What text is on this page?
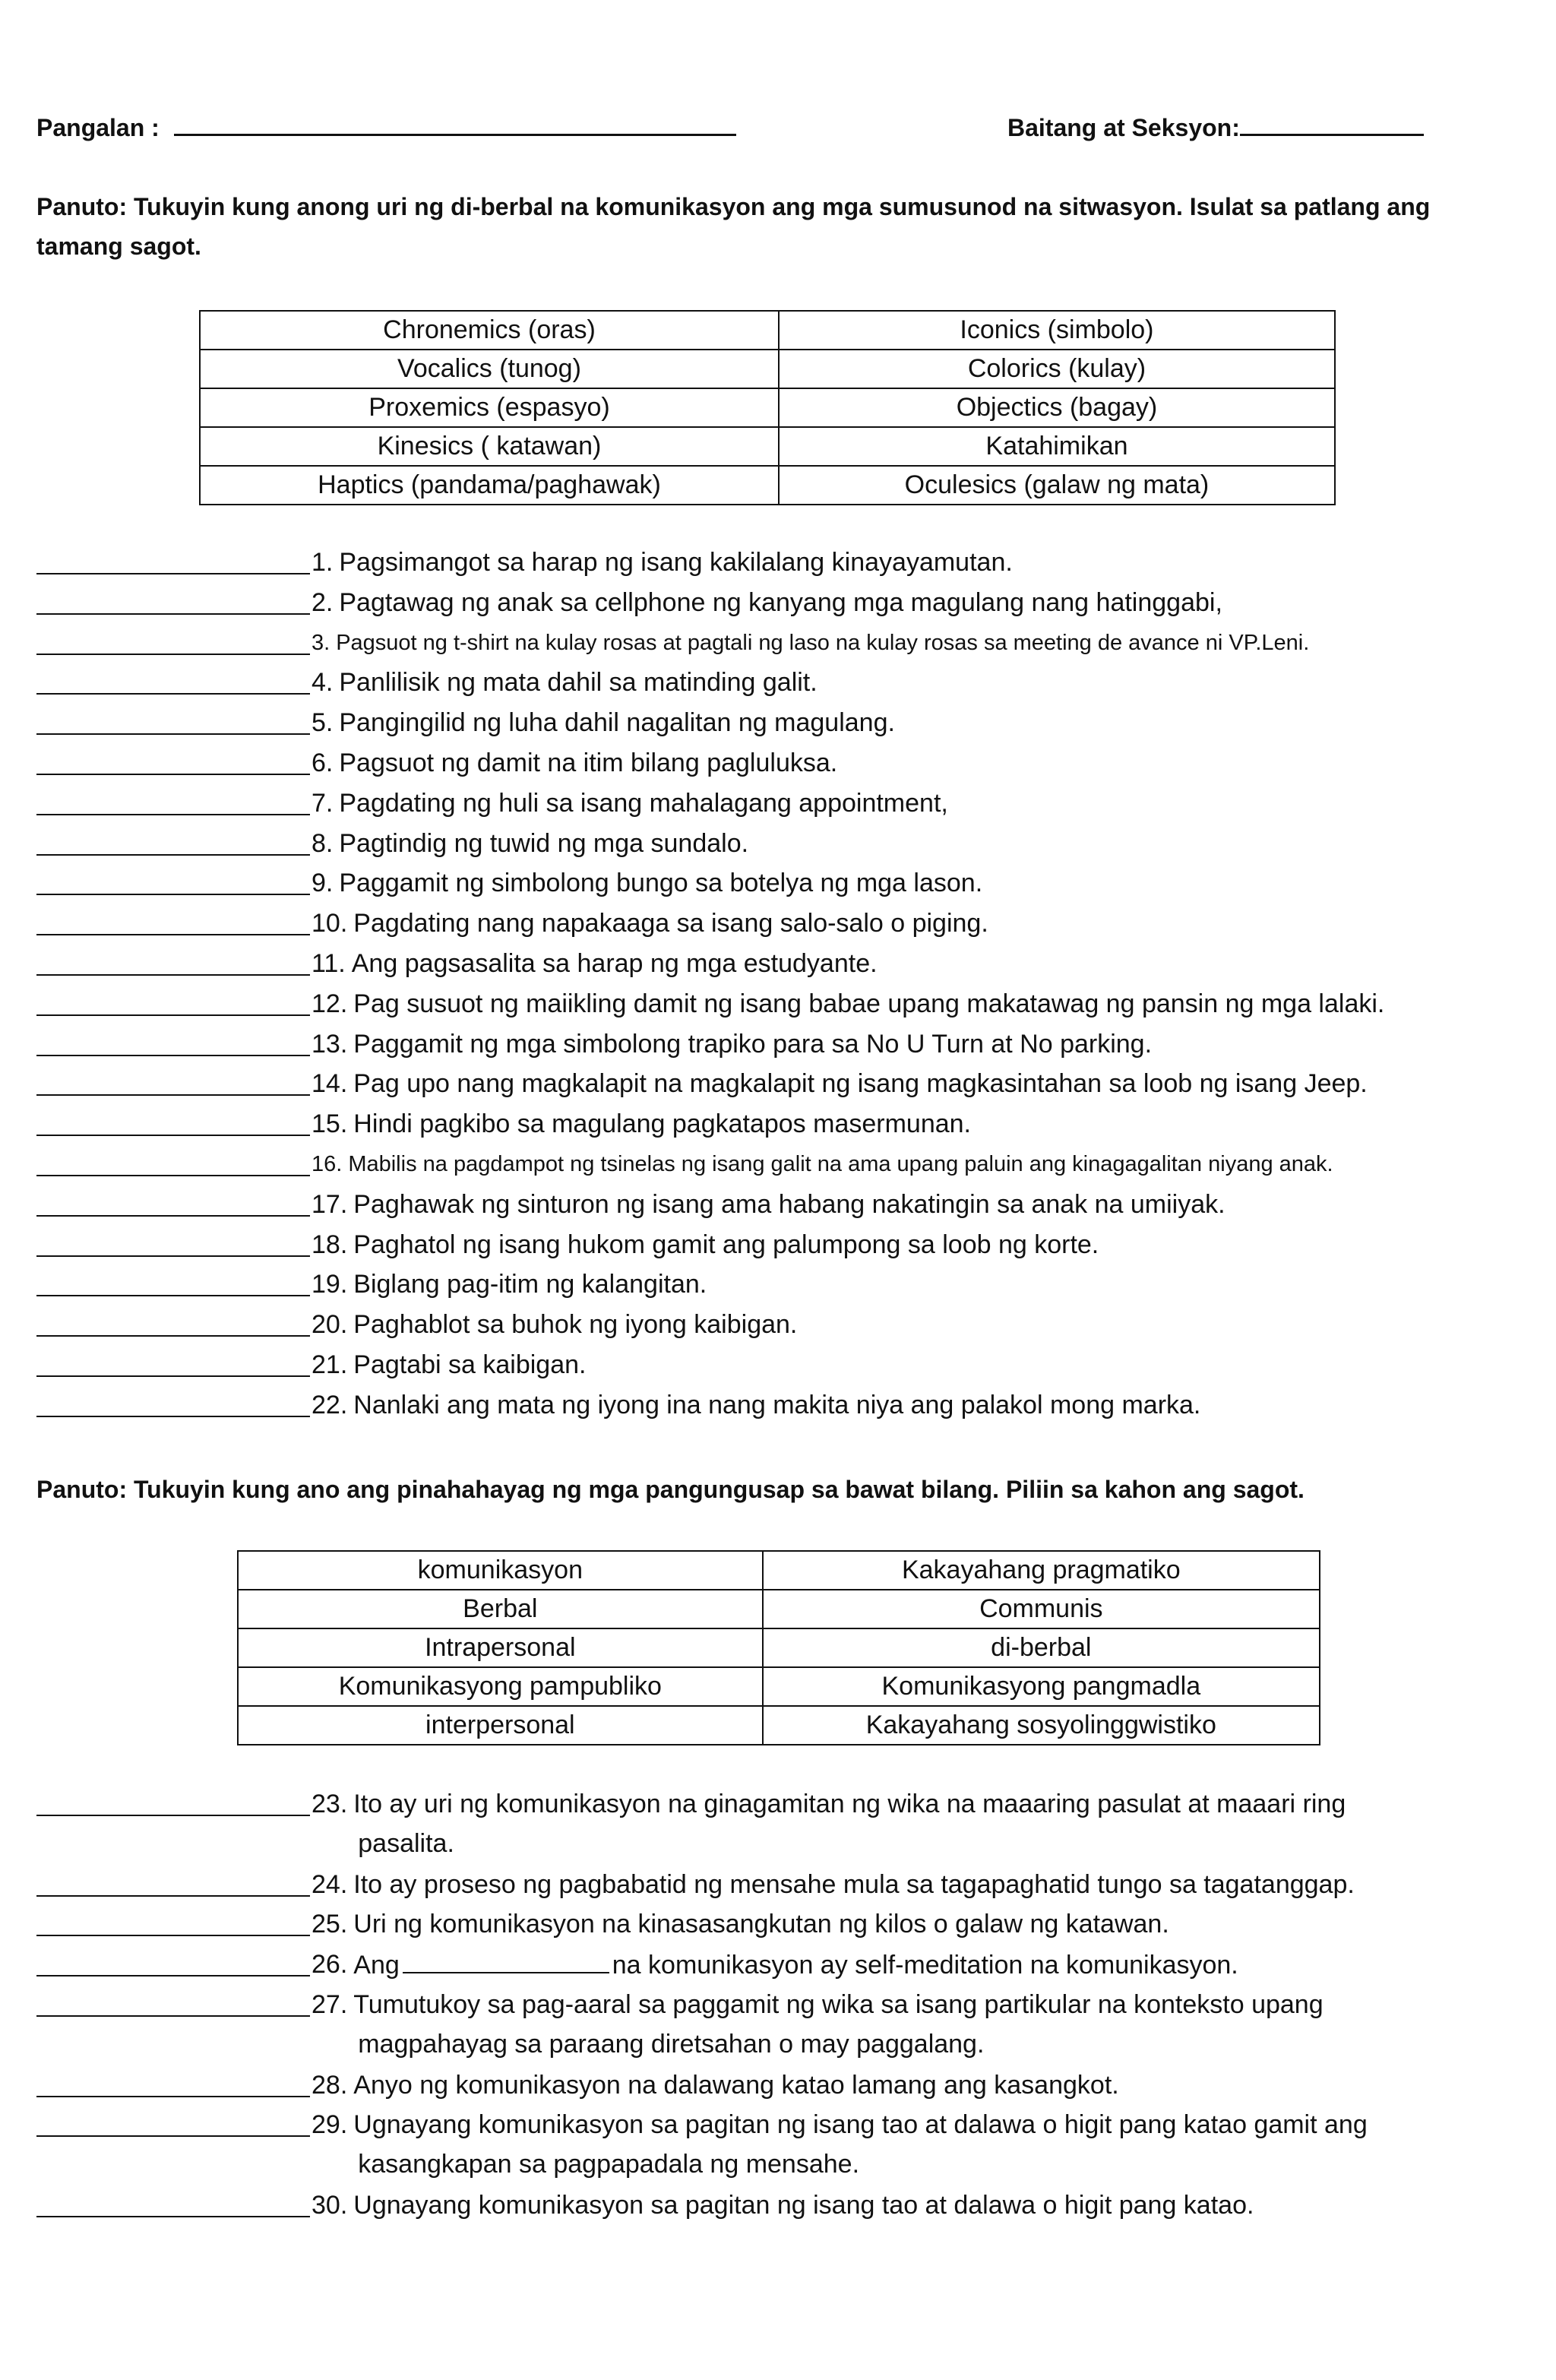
Pangalan :	Baitang at Seksyon:
Panuto: Tukuyin kung anong uri ng di-berbal na komunikasyon ang mga sumusunod na sitwasyon. Isulat sa patlang ang tamang sagot.
Chronemics (oras)	Iconics (simbolo)
Vocalics (tunog)	Colorics (kulay)
Proxemics (espasyo)	Objectics (bagay)
Kinesics ( katawan)	Katahimikan
Haptics (pandama/paghawak)	Oculesics (galaw ng mata)
1. Pagsimangot sa harap ng isang kakilalang kinayayamutan.
2. Pagtawag ng anak sa cellphone ng kanyang mga magulang nang hatinggabi,
3. Pagsuot ng t-shirt na kulay rosas at pagtali ng laso na kulay rosas sa meeting de avance ni VP.Leni.
4. Panlilisik ng mata dahil sa matinding galit.
5. Pangingilid ng luha dahil nagalitan ng magulang.
6. Pagsuot ng damit na itim bilang pagluluksa.
7. Pagdating ng huli sa isang mahalagang appointment,
8. Pagtindig ng tuwid ng mga sundalo.
9. Paggamit ng simbolong bungo sa botelya ng mga lason.
10. Pagdating nang napakaaga sa isang salo-salo o piging.
11. Ang pagsasalita sa harap ng mga estudyante.
12. Pag susuot ng maiikling damit ng isang babae upang makatawag ng pansin ng mga lalaki.
13. Paggamit ng mga simbolong trapiko para sa No U Turn at No parking.
14. Pag upo nang magkalapit na magkalapit ng isang magkasintahan sa loob ng isang Jeep.
15. Hindi pagkibo sa magulang pagkatapos masermunan.
16. Mabilis na pagdampot ng tsinelas ng isang galit na ama upang paluin ang kinagagalitan niyang anak.
17. Paghawak ng sinturon ng isang ama habang nakatingin sa anak na umiiyak.
18. Paghatol ng isang hukom gamit ang palumpong sa loob ng korte.
19. Biglang pag-itim ng kalangitan.
20. Paghablot sa buhok ng iyong kaibigan.
21. Pagtabi sa kaibigan.
22. Nanlaki ang mata ng iyong ina nang makita niya ang palakol mong marka.
Panuto: Tukuyin kung ano ang pinahahayag ng mga pangungusap sa bawat bilang. Piliin sa kahon ang sagot.
komunikasyon	Kakayahang pragmatiko
Berbal	Communis
Intrapersonal	di-berbal
Komunikasyong pampubliko	Komunikasyong pangmadla
interpersonal	Kakayahang sosyolinggwistiko
23. Ito ay uri ng komunikasyon na ginagamitan ng wika na maaaring pasulat at maaari ring
pasalita.
24. Ito ay proseso ng pagbabatid ng mensahe mula sa tagapaghatid tungo sa tagatanggap.
25. Uri ng komunikasyon na kinasasangkutan ng kilos o galaw ng katawan.
26. Ang	na komunikasyon ay self-meditation na komunikasyon.
27. Tumutukoy sa pag-aaral sa paggamit ng wika sa isang partikular na konteksto upang
magpahayag sa paraang diretsahan o may paggalang.
28. Anyo ng komunikasyon na dalawang katao lamang ang kasangkot.
29. Ugnayang komunikasyon sa pagitan ng isang tao at dalawa o higit pang katao gamit ang
kasangkapan sa pagpapadala ng mensahe.
30. Ugnayang komunikasyon sa pagitan ng isang tao at dalawa o higit pang katao.
